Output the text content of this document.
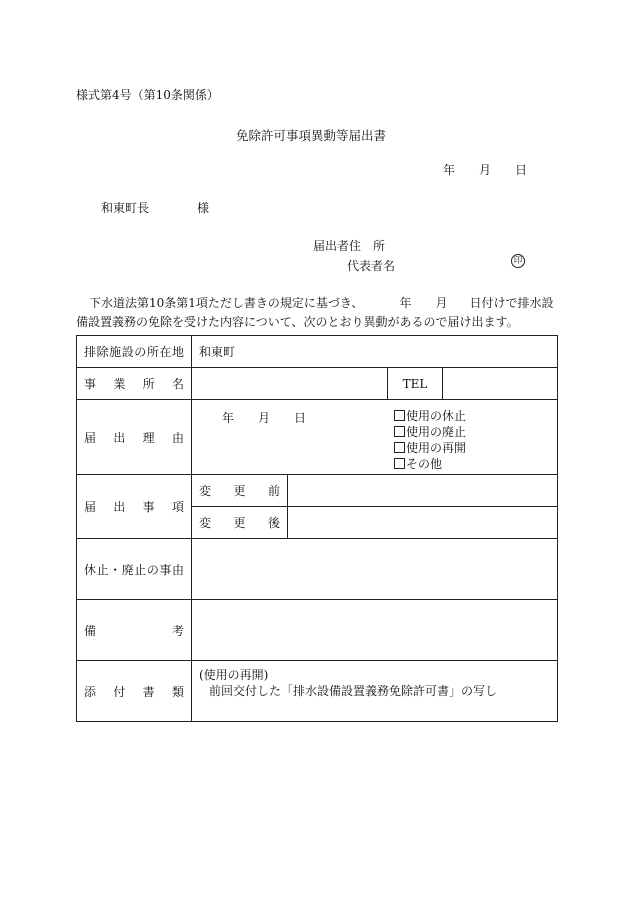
様式第4号（第10条関係）
免除許可事項異動等届出書
年 月 日
和東町長	様
届出者住　所
代表者名	印
下水道法第10条第1項ただし書きの規定に基づき、	年 月 日付けで排水設
備設置義務の免除を受けた内容について、次のとおり異動があるので届け出ます。
排除施設の所在地	和東町			
事業所名			TEL	
届出理由	年 月 日 使用の休止
使用の廃止
使用の再開
その他			

届出事項	変更前			
	変更後			
休止・廃止の事由				
備考				
添付書類	(使用の再開)
前回交付した「排水設備設置義務免除許可書」の写し			
